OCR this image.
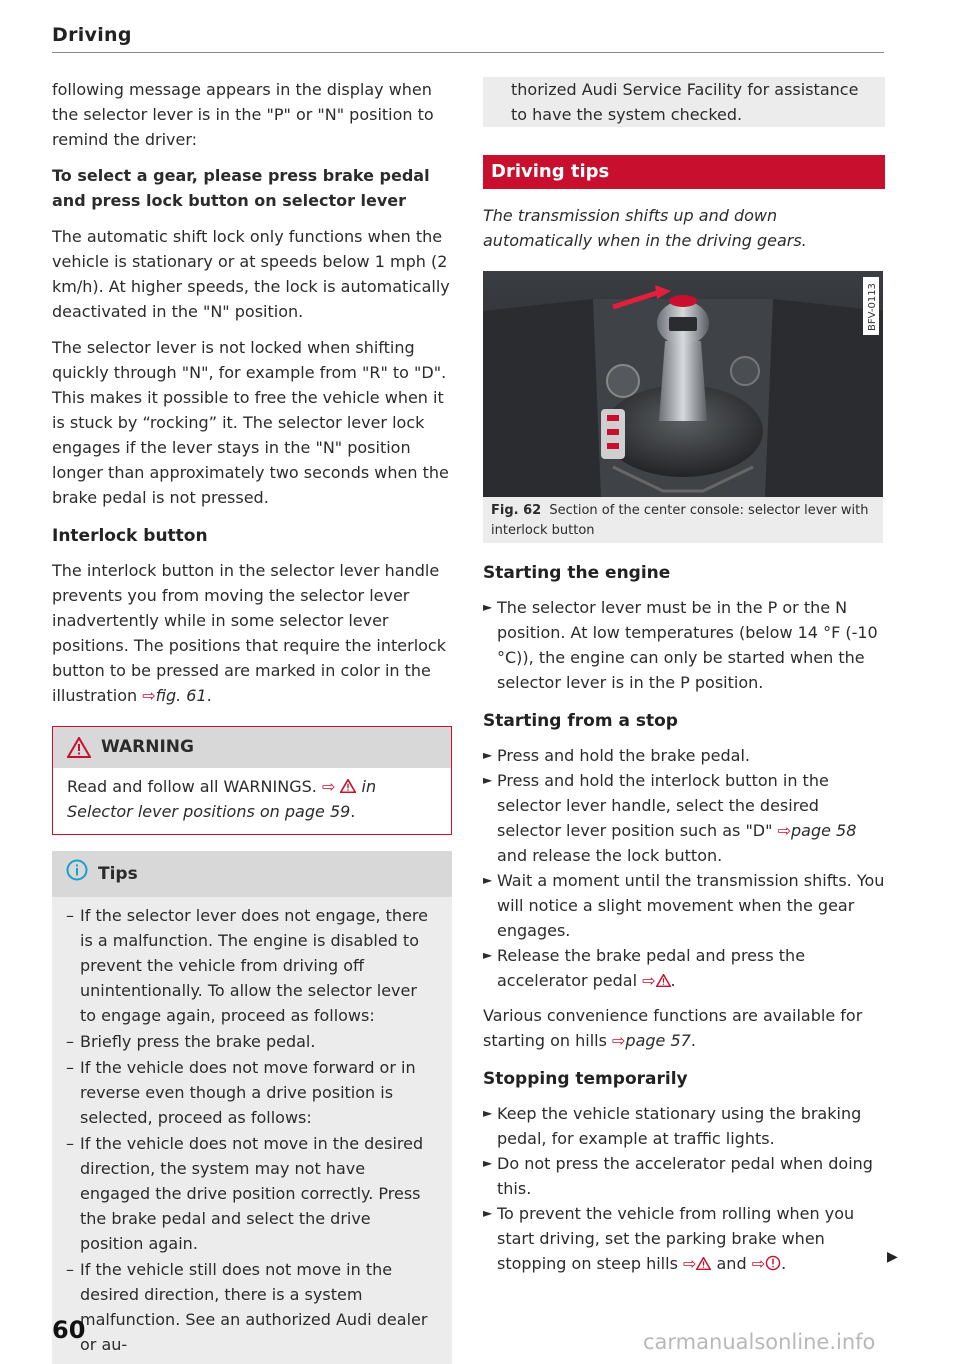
Driving

following message appears in the display when the selector lever is in the "P" or "N" position to remind the driver:

To select a gear, please press brake pedal and press lock button on selector lever

The automatic shift lock only functions when the vehicle is stationary or at speeds below 1 mph (2 km/h). At higher speeds, the lock is automatically deactivated in the "N" position.

The selector lever is not locked when shifting quickly through "N", for example from "R" to "D". This makes it possible to free the vehicle when it is stuck by “rocking” it. The selector lever lock engages if the lever stays in the "N" position longer than approximately two seconds when the brake pedal is not pressed.

Interlock button

The interlock button in the selector lever handle prevents you from moving the selector lever inadvertently while in some selector lever positions. The positions that require the interlock button to be pressed are marked in color in the illustration ⇨fig. 61.

WARNING
Read and follow all WARNINGS. ⇨ in Selector lever positions on page 59.
Tips
– If the selector lever does not engage, there is a malfunction. The engine is disabled to prevent the vehicle from driving off unintentionally. To allow the selector lever to engage again, proceed as follows:
– Briefly press the brake pedal.
– If the vehicle does not move forward or in reverse even though a drive position is selected, proceed as follows:
– If the vehicle does not move in the desired direction, the system may not have engaged the drive position correctly. Press the brake pedal and select the drive position again.
– If the vehicle still does not move in the desired direction, there is a system malfunction. See an authorized Audi dealer or au-
thorized Audi Service Facility for assistance to have the system checked.
Driving tips

The transmission shifts up and down automatically when in the driving gears.

BFV-0113
Fig. 62 Section of the center console: selector lever with interlock button
Starting the engine
► The selector lever must be in the P or the N position. At low temperatures (below 14 °F (-10 °C)), the engine can only be started when the selector lever is in the P position.
Starting from a stop
► Press and hold the brake pedal.
► Press and hold the interlock button in the selector lever handle, select the desired selector lever position such as "D" ⇨page 58 and release the lock button.
► Wait a moment until the transmission shifts. You will notice a slight movement when the gear engages.
► Release the brake pedal and press the accelerator pedal ⇨ .

Various convenience functions are available for starting on hills ⇨page 57.

Stopping temporarily
► Keep the vehicle stationary using the braking pedal, for example at traffic lights.
► Do not press the accelerator pedal when doing this.
► To prevent the vehicle from rolling when you start driving, set the parking brake when stopping on steep hills ⇨ and ⇨ .	▶
60	carmanualsonline.info
